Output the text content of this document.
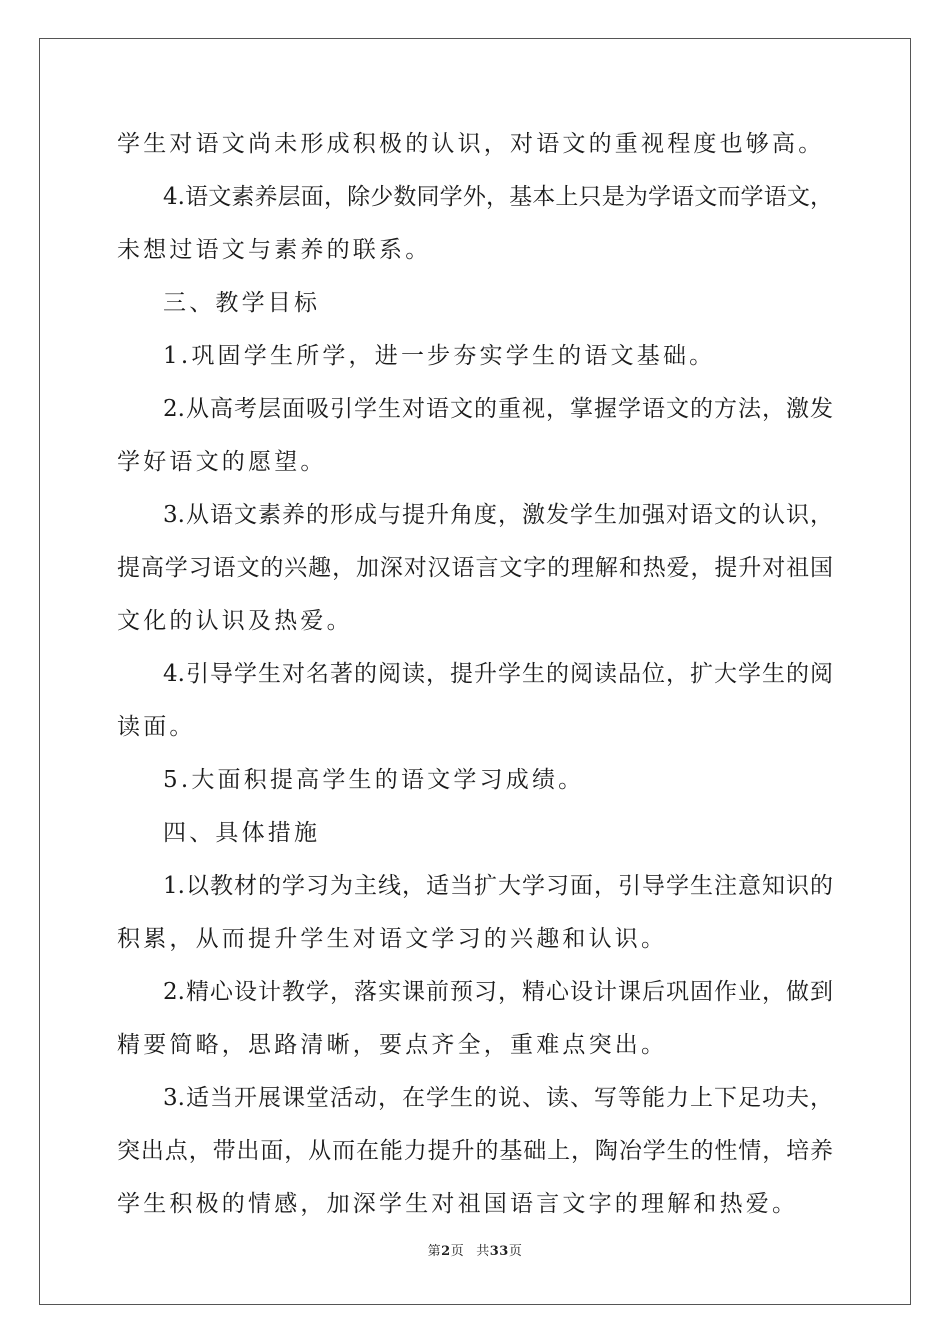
学生对语文尚未形成积极的认识，对语文的重视程度也够高。
4.语文素养层面，除少数同学外，基本上只是为学语文而学语文，
未想过语文与素养的联系。
三、教学目标
1.巩固学生所学，进一步夯实学生的语文基础。
2.从高考层面吸引学生对语文的重视，掌握学语文的方法，激发
学好语文的愿望。
3.从语文素养的形成与提升角度，激发学生加强对语文的认识，
提高学习语文的兴趣，加深对汉语言文字的理解和热爱，提升对祖国
文化的认识及热爱。
4.引导学生对名著的阅读，提升学生的阅读品位，扩大学生的阅
读面。
5.大面积提高学生的语文学习成绩。
四、具体措施
1.以教材的学习为主线，适当扩大学习面，引导学生注意知识的
积累，从而提升学生对语文学习的兴趣和认识。
2.精心设计教学，落实课前预习，精心设计课后巩固作业，做到
精要简略，思路清晰，要点齐全，重难点突出。
3.适当开展课堂活动，在学生的说、读、写等能力上下足功夫，
突出点，带出面，从而在能力提升的基础上，陶冶学生的性情，培养
学生积极的情感，加深学生对祖国语言文字的理解和热爱。
第2页 共33页
